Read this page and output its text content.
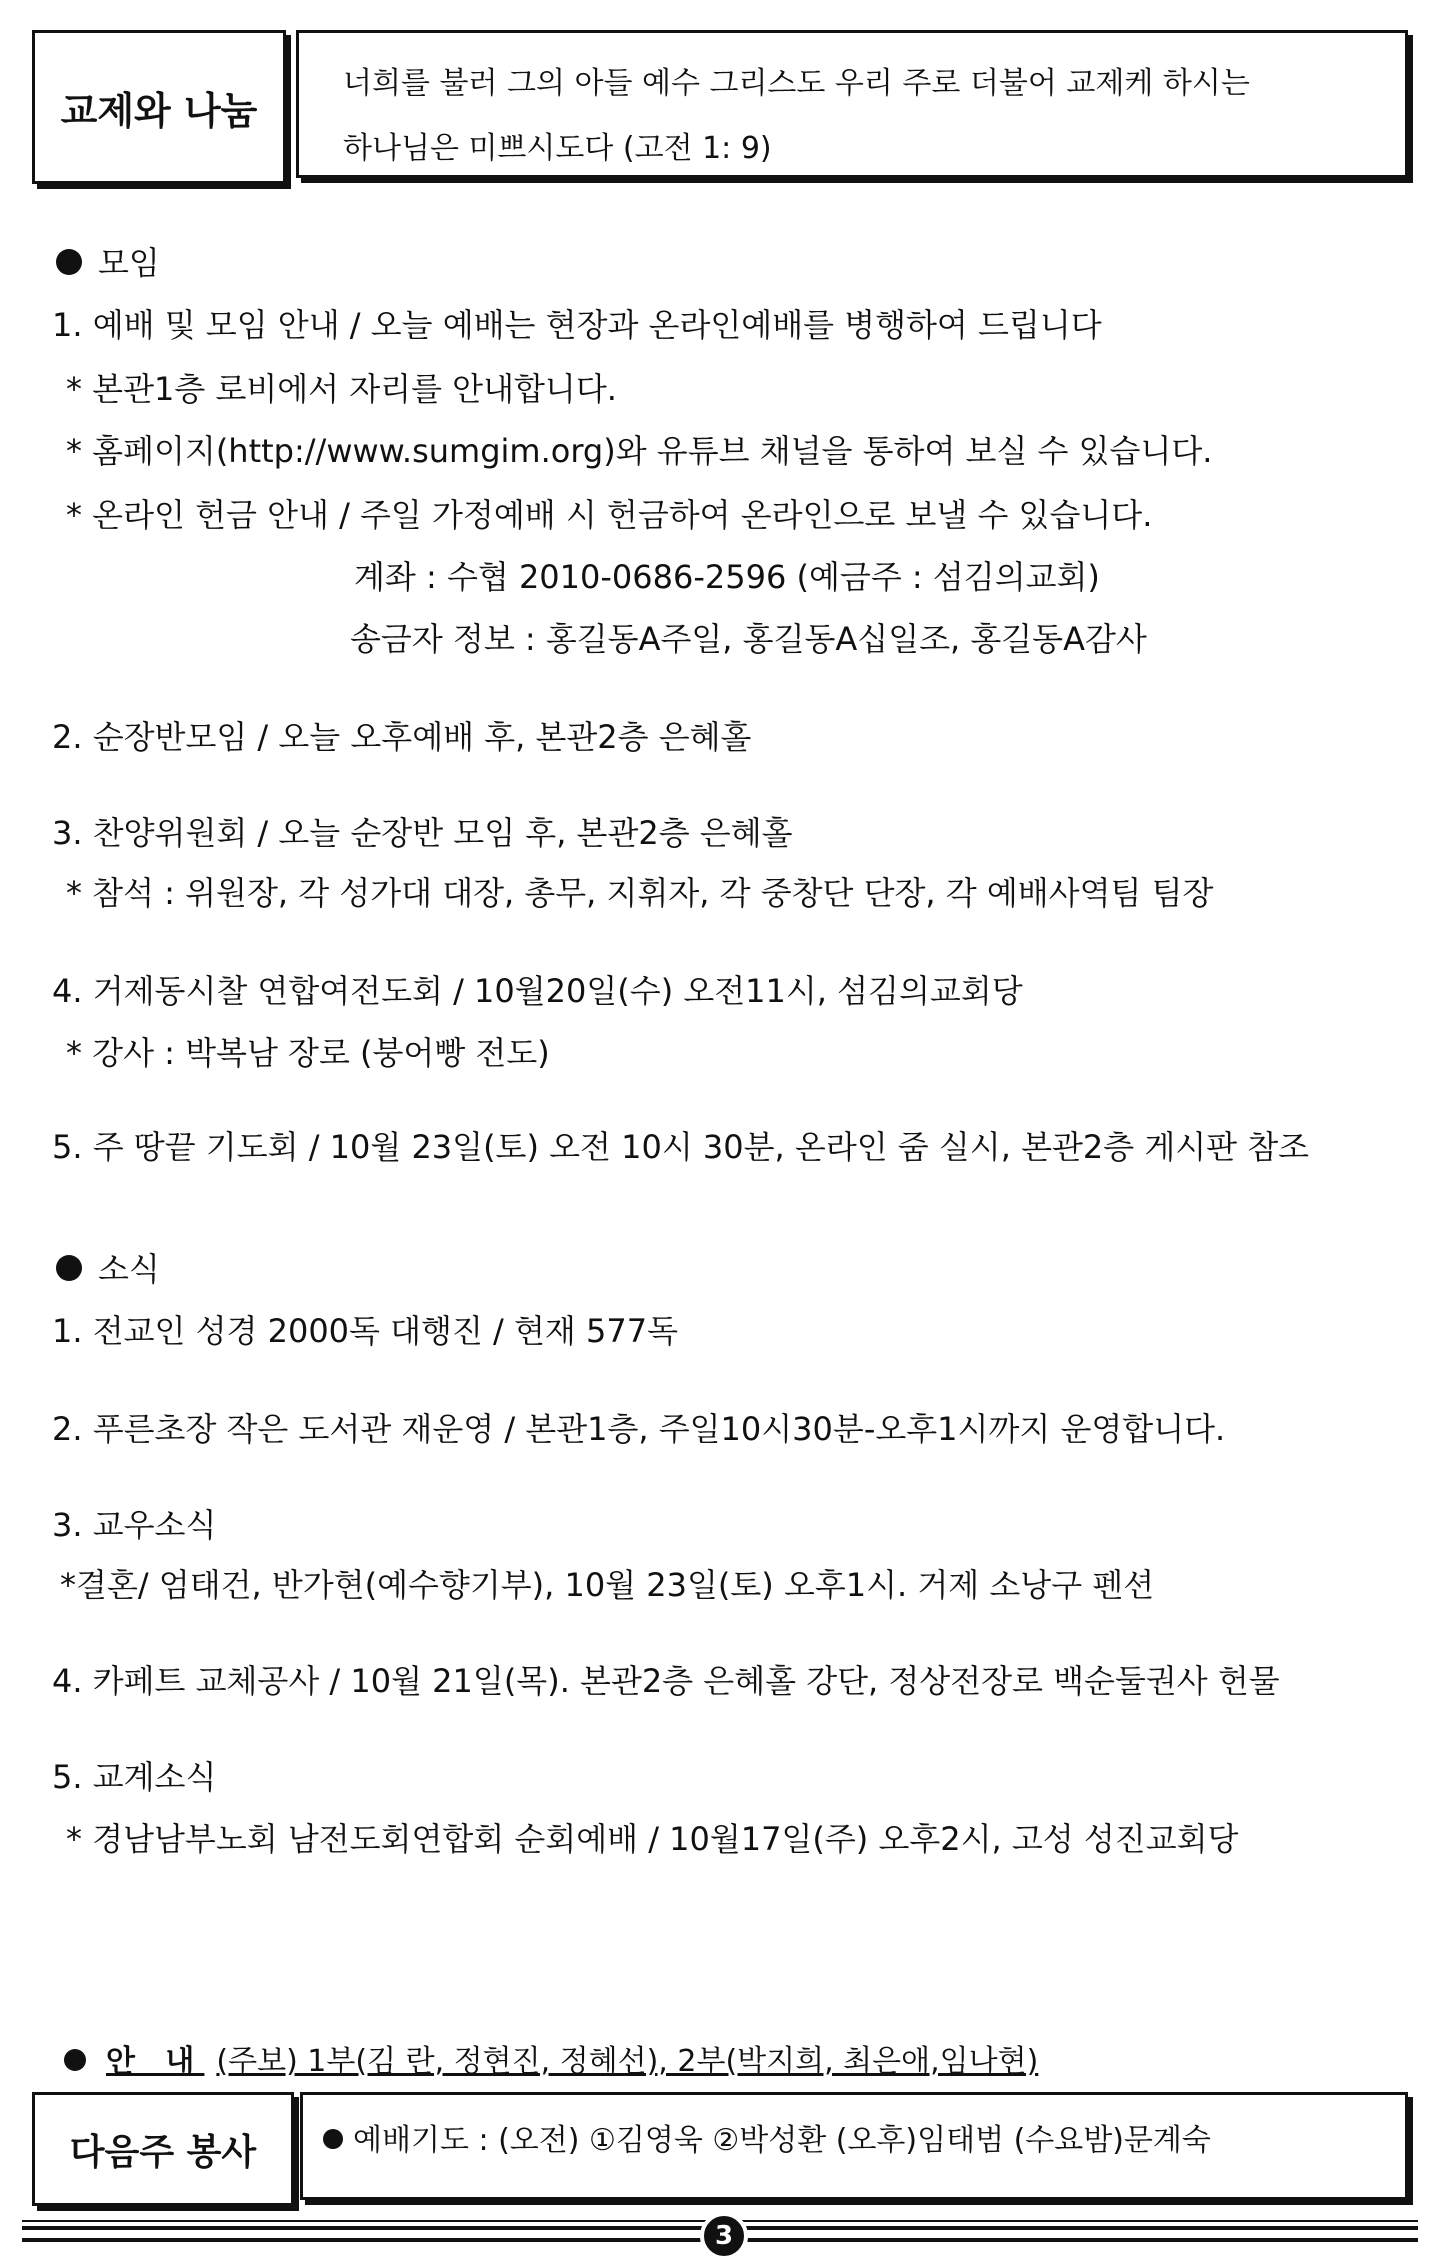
교제와 나눔
너희를 불러 그의 아들 예수 그리스도 우리 주로 더불어 교제케 하시는
하나님은 미쁘시도다 (고전 1: 9)
모임
1. 예배 및 모임 안내 / 오늘 예배는 현장과 온라인예배를 병행하여 드립니다
* 본관1층 로비에서 자리를 안내합니다.
* 홈페이지(http://www.sumgim.org)와 유튜브 채널을 통하여 보실 수 있습니다.
* 온라인 헌금 안내 / 주일 가정예배 시 헌금하여 온라인으로 보낼 수 있습니다.
계좌 : 수협 2010-0686-2596 (예금주 : 섬김의교회)
송금자 정보 : 홍길동A주일, 홍길동A십일조, 홍길동A감사
2. 순장반모임 / 오늘 오후예배 후, 본관2층 은혜홀
3. 찬양위원회 / 오늘 순장반 모임 후, 본관2층 은혜홀
* 참석 : 위원장, 각 성가대 대장, 총무, 지휘자, 각 중창단 단장, 각 예배사역팀 팀장
4. 거제동시찰 연합여전도회 / 10월20일(수) 오전11시, 섬김의교회당
* 강사 : 박복남 장로 (붕어빵 전도)
5. 주 땅끝 기도회 / 10월 23일(토) 오전 10시 30분, 온라인 줌 실시, 본관2층 게시판 참조
소식
1. 전교인 성경 2000독 대행진 / 현재 577독
2. 푸른초장 작은 도서관 재운영 / 본관1층, 주일10시30분-오후1시까지 운영합니다.
3. 교우소식
*결혼/ 엄태건, 반가현(예수향기부), 10월 23일(토) 오후1시. 거제 소낭구 펜션
4. 카페트 교체공사 / 10월 21일(목). 본관2층 은혜홀 강단, 정상전장로 백순둘권사 헌물
5. 교계소식
* 경남남부노회 남전도회연합회 순회예배 / 10월17일(주) 오후2시, 고성 성진교회당
안 내 (주보) 1부(김 란, 정현진, 정혜선), 2부(박지희, 최은애,임나현)
다음주 봉사	예배기도 : (오전) ①김영욱 ②박성환 (오후)임태범 (수요밤)문계숙
3
